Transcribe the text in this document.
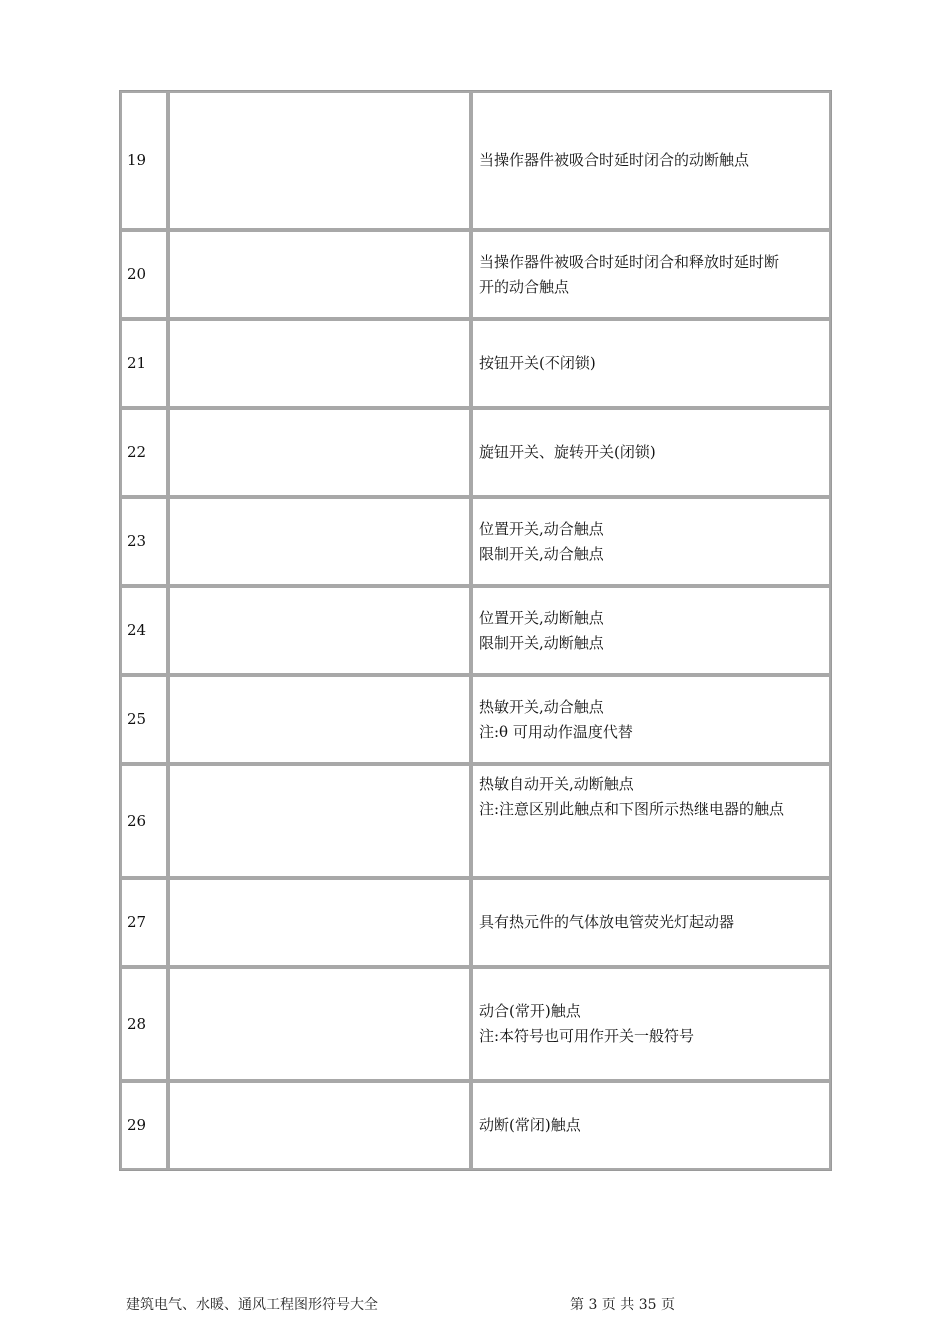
19		当操作器件被吸合时延时闭合的动断触点

20		当操作器件被吸合时延时闭合和释放时延时断
开的动合触点

21		按钮开关(不闭锁)

22		旋钮开关、旋转开关(闭锁)

23		位置开关,动合触点
限制开关,动合触点

24		位置开关,动断触点
限制开关,动断触点

25		热敏开关,动合触点
注:θ 可用动作温度代替

26		热敏自动开关,动断触点
注:注意区别此触点和下图所示热继电器的触点

27		具有热元件的气体放电管荧光灯起动器

28		动合(常开)触点
注:本符号也可用作开关一般符号

29		动断(常闭)触点
建筑电气、水暖、通风工程图形符号大全	第 3 页 共 35 页
